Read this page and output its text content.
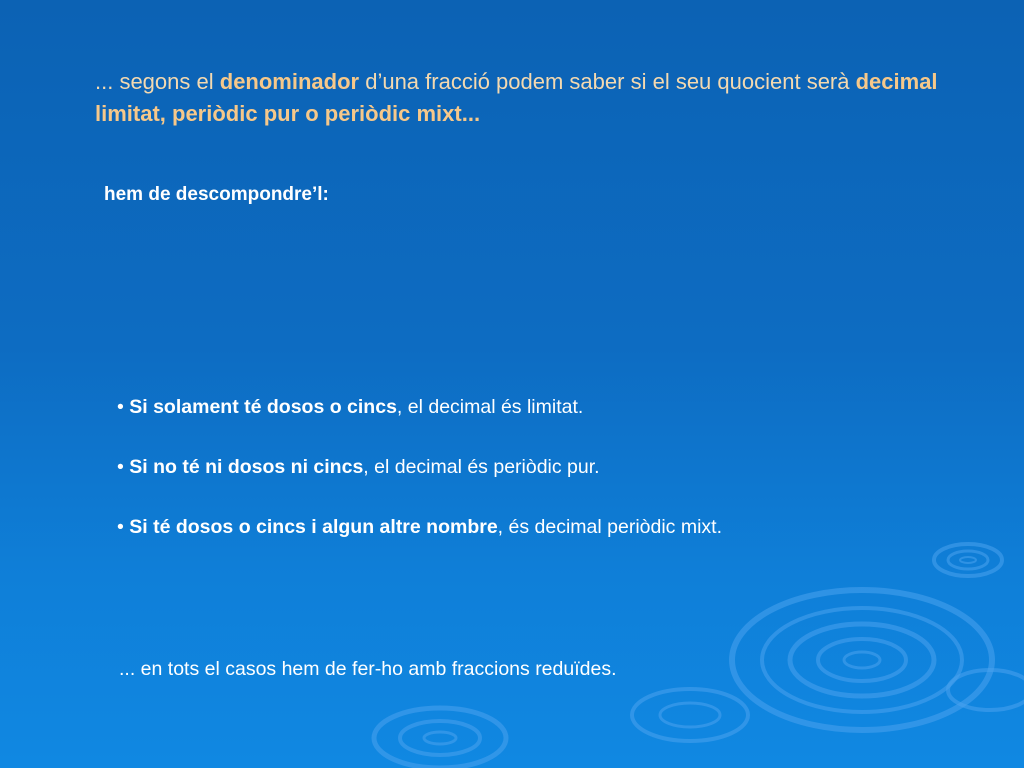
... segons el denominador d’una fracció podem saber si el seu quocient serà decimal limitat, periòdic pur o periòdic mixt...

hem de descompondre’l:

• Si solament té dosos o cincs, el decimal és limitat.
• Si no té ni dosos ni cincs, el decimal és periòdic pur.
• Si té dosos o cincs i algun altre nombre, és decimal periòdic mixt.

... en tots el casos hem de fer-ho amb fraccions reduïdes.
